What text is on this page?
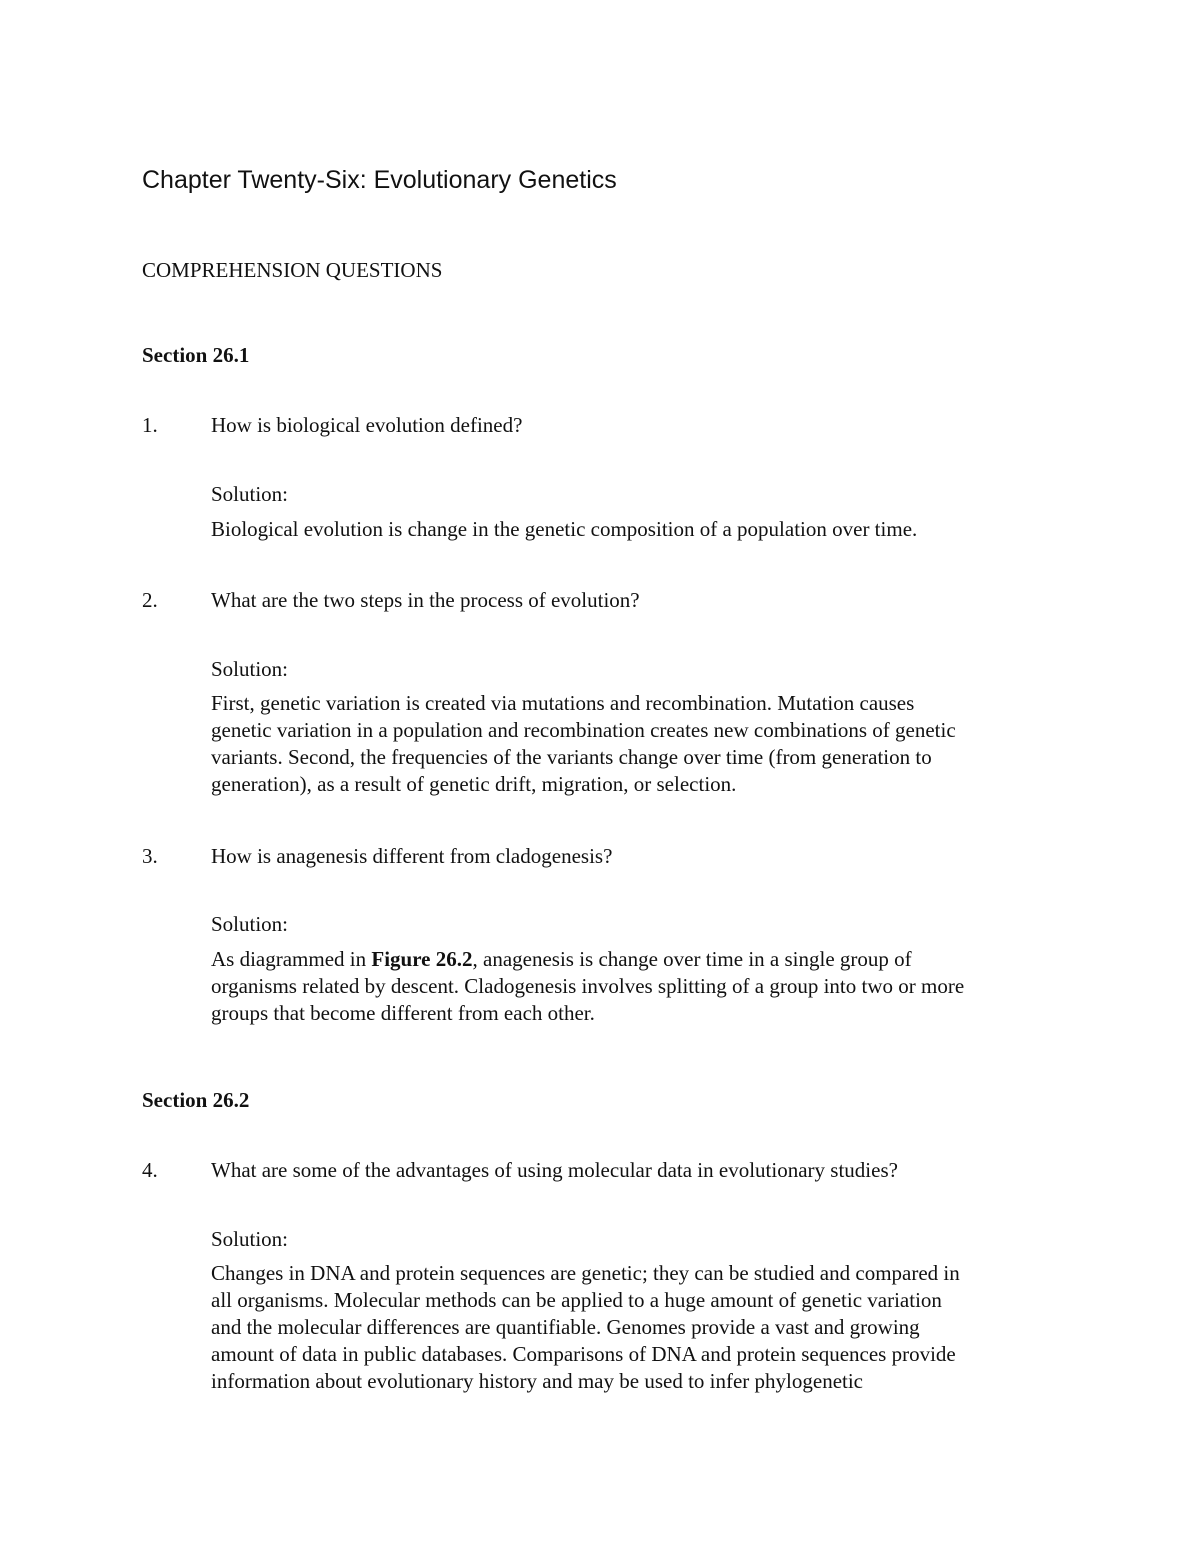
Chapter Twenty-Six: Evolutionary Genetics
COMPREHENSION QUESTIONS
Section 26.1
1.	How is biological evolution defined?
Solution:
Biological evolution is change in the genetic composition of a population over time.
2.	What are the two steps in the process of evolution?
Solution:
First, genetic variation is created via mutations and recombination. Mutation causes
genetic variation in a population and recombination creates new combinations of genetic
variants. Second, the frequencies of the variants change over time (from generation to
generation), as a result of genetic drift, migration, or selection.
3.	How is anagenesis different from cladogenesis?
Solution:
As diagrammed in Figure 26.2, anagenesis is change over time in a single group of
organisms related by descent. Cladogenesis involves splitting of a group into two or more
groups that become different from each other.
Section 26.2
4.	What are some of the advantages of using molecular data in evolutionary studies?
Solution:
Changes in DNA and protein sequences are genetic; they can be studied and compared in
all organisms. Molecular methods can be applied to a huge amount of genetic variation
and the molecular differences are quantifiable. Genomes provide a vast and growing
amount of data in public databases. Comparisons of DNA and protein sequences provide
information about evolutionary history and may be used to infer phylogenetic
